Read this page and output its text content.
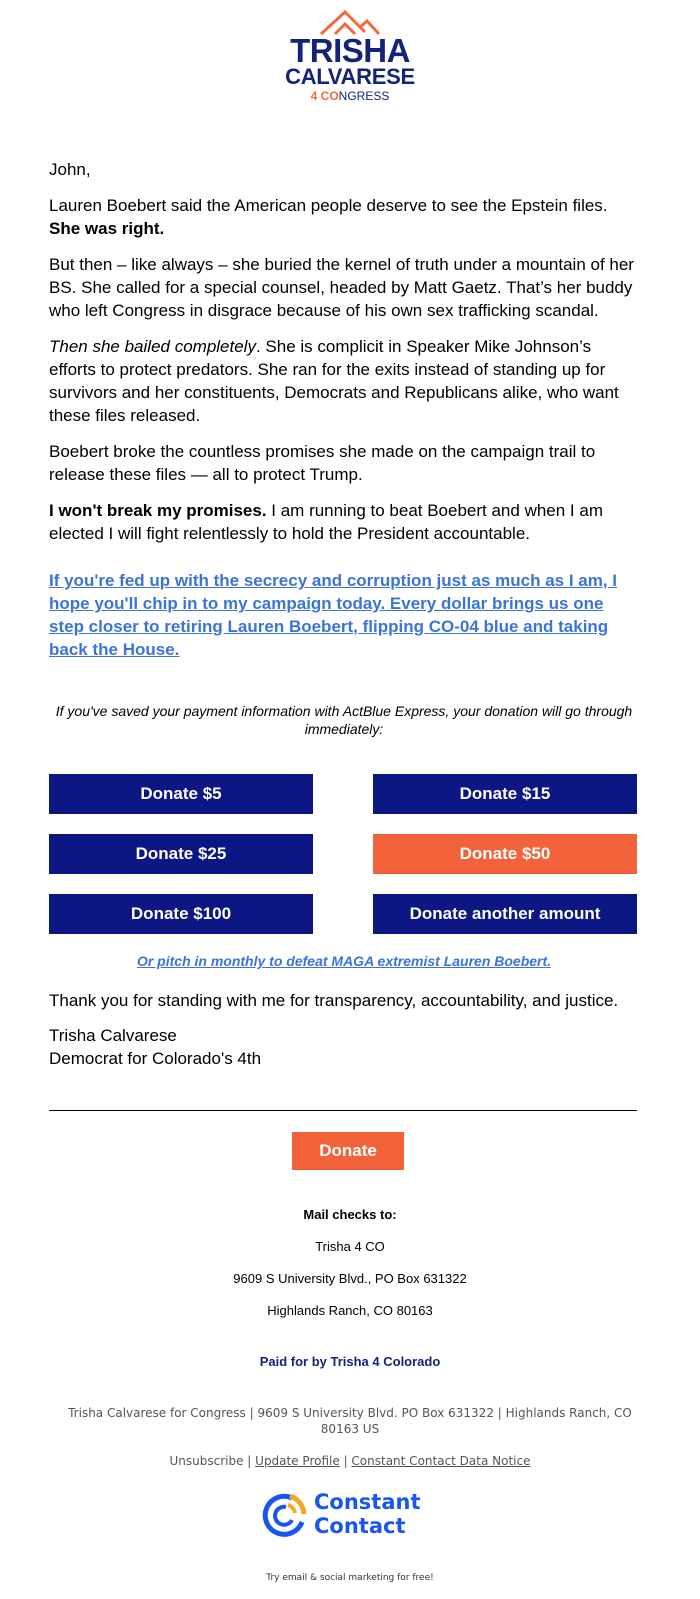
TRISHA
CALVARESE
4 CONGRESS

John,

Lauren Boebert said the American people deserve to see the Epstein files. She was right.

But then – like always – she buried the kernel of truth under a mountain of her BS. She called for a special counsel, headed by Matt Gaetz. That’s her buddy who left Congress in disgrace because of his own sex trafficking scandal.

Then she bailed completely. She is complicit in Speaker Mike Johnson’s efforts to protect predators. She ran for the exits instead of standing up for survivors and her constituents, Democrats and Republicans alike, who want these files released.

Boebert broke the countless promises she made on the campaign trail to release these files — all to protect Trump.

I won't break my promises. I am running to beat Boebert and when I am elected I will fight relentlessly to hold the President accountable.

If you're fed up with the secrecy and corruption just as much as I am, I hope you'll chip in to my campaign today. Every dollar brings us one step closer to retiring Lauren Boebert, flipping CO-04 blue and taking back the House.

If you've saved your payment information with ActBlue Express, your donation will go through immediately:
Donate $5	Donate $15
Donate $25	Donate $50
Donate $100	Donate another amount
Or pitch in monthly to defeat MAGA extremist Lauren Boebert.

Thank you for standing with me for transparency, accountability, and justice.

Trisha Calvarese
Democrat for Colorado's 4th
Donate
Mail checks to:
Trisha 4 CO
9609 S University Blvd., PO Box 631322
Highlands Ranch, CO 80163
Paid for by Trisha 4 Colorado
Trisha Calvarese for Congress | 9609 S University Blvd. PO Box 631322 | Highlands Ranch, CO 80163 US
Unsubscribe | Update Profile | Constant Contact Data Notice
Constant
Contact
Try email & social marketing for free!
